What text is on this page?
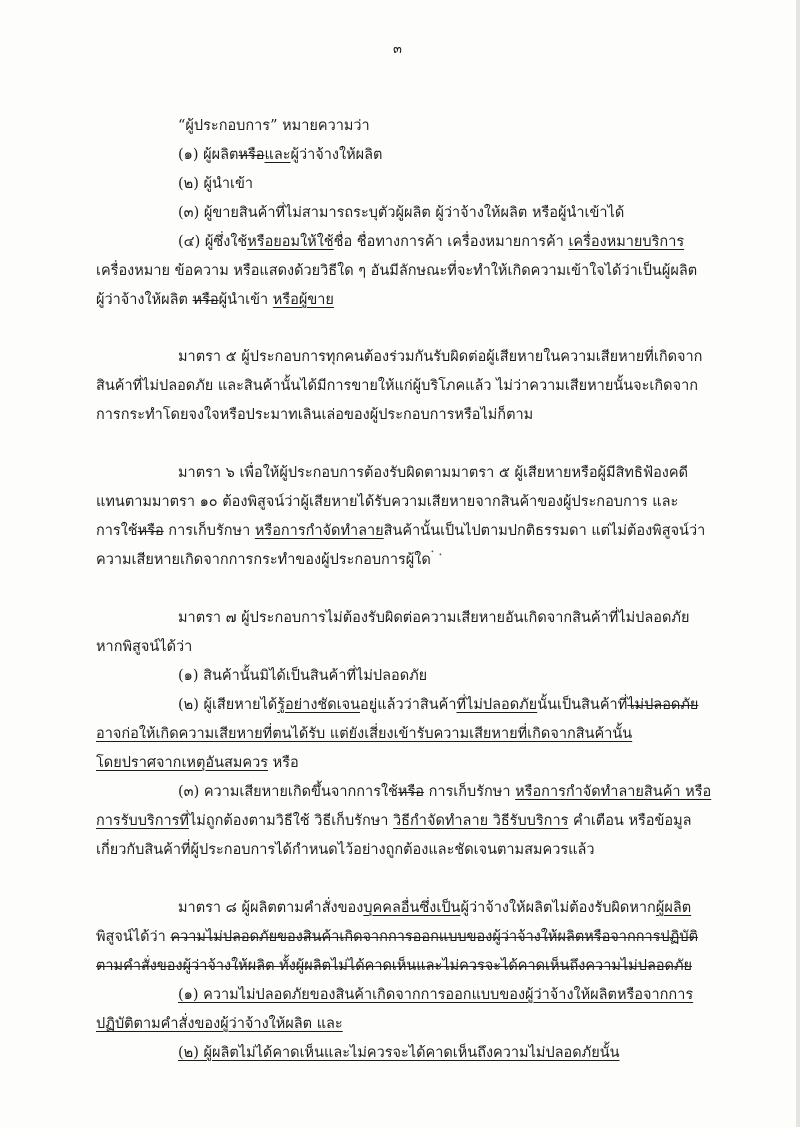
๓
“ผู้ประกอบการ” หมายความว่า
(๑) ผู้ผลิตหรือและผู้ว่าจ้างให้ผลิต
(๒) ผู้นำเข้า
(๓) ผู้ขายสินค้าที่ไม่สามารถระบุตัวผู้ผลิต ผู้ว่าจ้างให้ผลิต หรือผู้นำเข้าได้
(๔) ผู้ซึ่งใช้หรือยอมให้ใช้ชื่อ ชื่อทางการค้า เครื่องหมายการค้า เครื่องหมายบริการ
เครื่องหมาย ข้อความ หรือแสดงด้วยวิธีใด ๆ อันมีลักษณะที่จะทำให้เกิดความเข้าใจได้ว่าเป็นผู้ผลิต
ผู้ว่าจ้างให้ผลิต หรือผู้นำเข้า หรือผู้ขาย
มาตรา ๕ ผู้ประกอบการทุกคนต้องร่วมกันรับผิดต่อผู้เสียหายในความเสียหายที่เกิดจาก
สินค้าที่ไม่ปลอดภัย และสินค้านั้นได้มีการขายให้แก่ผู้บริโภคแล้ว ไม่ว่าความเสียหายนั้นจะเกิดจาก
การกระทำโดยจงใจหรือประมาทเลินเล่อของผู้ประกอบการหรือไม่ก็ตาม
มาตรา ๖ เพื่อให้ผู้ประกอบการต้องรับผิดตามมาตรา ๕ ผู้เสียหายหรือผู้มีสิทธิฟ้องคดี
แทนตามมาตรา ๑๐ ต้องพิสูจน์ว่าผู้เสียหายได้รับความเสียหายจากสินค้าของผู้ประกอบการ และ
การใช้หรือ การเก็บรักษา หรือการกำจัดทำลายสินค้านั้นเป็นไปตามปกติธรรมดา แต่ไม่ต้องพิสูจน์ว่า
ความเสียหายเกิดจากการกระทำของผู้ประกอบการผู้ใด ⠂⠄
มาตรา ๗ ผู้ประกอบการไม่ต้องรับผิดต่อความเสียหายอันเกิดจากสินค้าที่ไม่ปลอดภัย
หากพิสูจน์ได้ว่า
(๑) สินค้านั้นมิได้เป็นสินค้าที่ไม่ปลอดภัย
(๒) ผู้เสียหายได้รู้อย่างชัดเจนอยู่แล้วว่าสินค้าที่ไม่ปลอดภัยนั้นเป็นสินค้าที่ไม่ปลอดภัย
อาจก่อให้เกิดความเสียหายที่ตนได้รับ แต่ยังเสี่ยงเข้ารับความเสียหายที่เกิดจากสินค้านั้น
โดยปราศจากเหตุอันสมควร หรือ
(๓) ความเสียหายเกิดขึ้นจากการใช้หรือ การเก็บรักษา หรือการกำจัดทำลายสินค้า หรือ
การรับบริการที่ไม่ถูกต้องตามวิธีใช้ วิธีเก็บรักษา วิธีกำจัดทำลาย วิธีรับบริการ คำเตือน หรือข้อมูล
เกี่ยวกับสินค้าที่ผู้ประกอบการได้กำหนดไว้อย่างถูกต้องและชัดเจนตามสมควรแล้ว
มาตรา ๘ ผู้ผลิตตามคำสั่งของบุคคลอื่นซึ่งเป็นผู้ว่าจ้างให้ผลิตไม่ต้องรับผิดหากผู้ผลิต
พิสูจน์ได้ว่า ความไม่ปลอดภัยของสินค้าเกิดจากการออกแบบของผู้ว่าจ้างให้ผลิตหรือจากการปฏิบัติ
ตามคำสั่งของผู้ว่าจ้างให้ผลิต ทั้งผู้ผลิตไม่ได้คาดเห็นและไม่ควรจะได้คาดเห็นถึงความไม่ปลอดภัย
(๑) ความไม่ปลอดภัยของสินค้าเกิดจากการออกแบบของผู้ว่าจ้างให้ผลิตหรือจากการ
ปฏิบัติตามคำสั่งของผู้ว่าจ้างให้ผลิต และ
(๒) ผู้ผลิตไม่ได้คาดเห็นและไม่ควรจะได้คาดเห็นถึงความไม่ปลอดภัยนั้น
